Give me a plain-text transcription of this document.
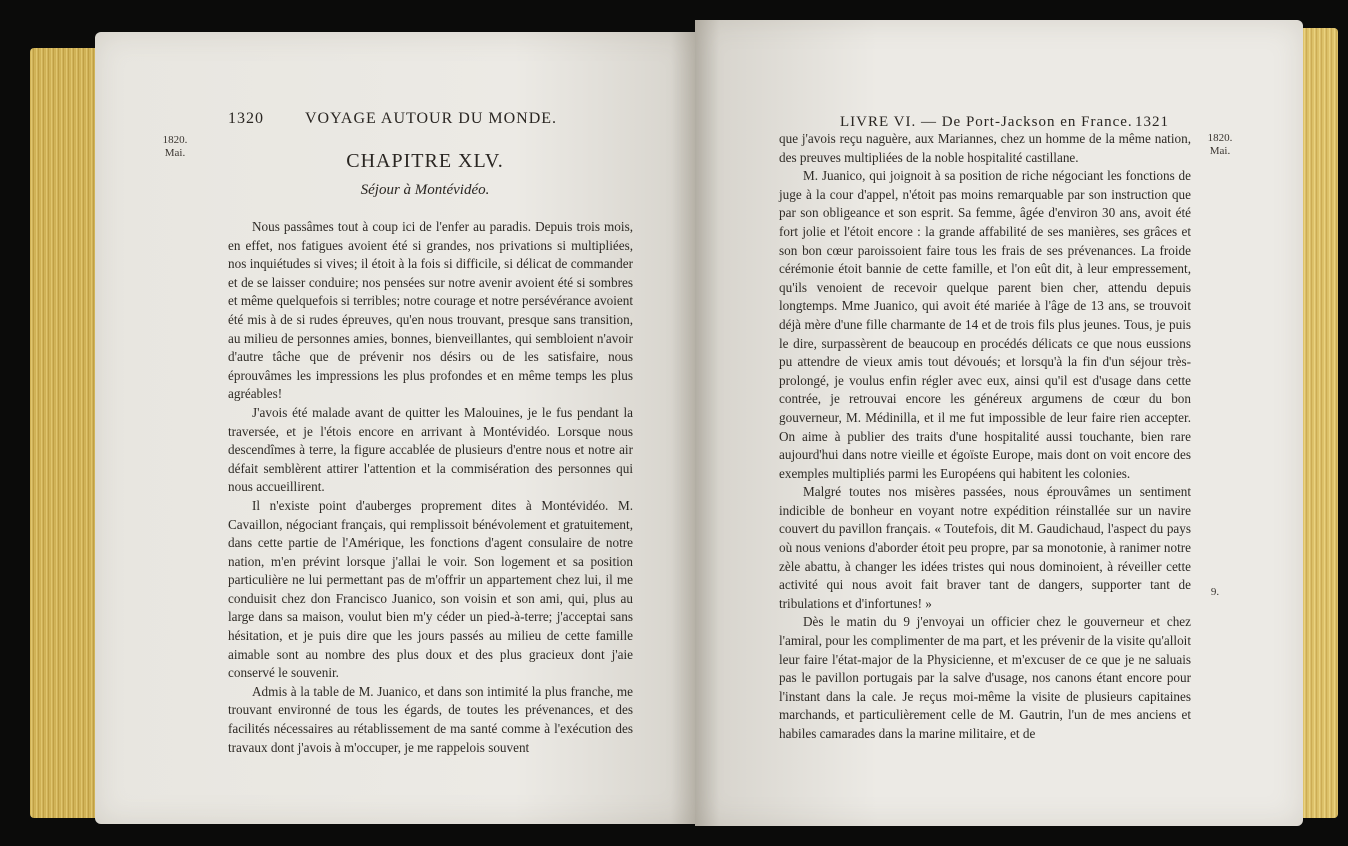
1320	VOYAGE AUTOUR DU MONDE.
1820.
Mai.	CHAPITRE XLV.
Séjour à Montévidéo.

Nous passâmes tout à coup ici de l'enfer au paradis. Depuis trois mois, en effet, nos fatigues avoient été si grandes, nos privations si multipliées, nos inquiétudes si vives; il étoit à la fois si difficile, si délicat de commander et de se laisser conduire; nos pensées sur notre avenir avoient été si sombres et même quelquefois si terribles; notre courage et notre persévérance avoient été mis à de si rudes épreuves, qu'en nous trouvant, presque sans transition, au milieu de personnes amies, bonnes, bienveillantes, qui sembloient n'avoir d'autre tâche que de prévenir nos désirs ou de les satisfaire, nous éprouvâmes les impressions les plus profondes et en même temps les plus agréables!

J'avois été malade avant de quitter les Malouines, je le fus pendant la traversée, et je l'étois encore en arrivant à Montévidéo. Lorsque nous descendîmes à terre, la figure accablée de plusieurs d'entre nous et notre air défait semblèrent attirer l'attention et la commisération des personnes qui nous accueillirent.

Il n'existe point d'auberges proprement dites à Montévidéo. M. Cavaillon, négociant français, qui remplissoit bénévolement et gratuitement, dans cette partie de l'Amérique, les fonctions d'agent consulaire de notre nation, m'en prévint lorsque j'allai le voir. Son logement et sa position particulière ne lui permettant pas de m'offrir un appartement chez lui, il me conduisit chez don Francisco Juanico, son voisin et son ami, qui, plus au large dans sa maison, voulut bien m'y céder un pied-à-terre; j'acceptai sans hésitation, et je puis dire que les jours passés au milieu de cette famille aimable sont au nombre des plus doux et des plus gracieux dont j'aie conservé le souvenir.

Admis à la table de M. Juanico, et dans son intimité la plus franche, me trouvant environné de tous les égards, de toutes les prévenances, et des facilités nécessaires au rétablissement de ma santé comme à l'exécution des travaux dont j'avois à m'occuper, je me rappelois souvent

LIVRE VI. — De Port-Jackson en France. 1321
1820.
Mai.
9.

que j'avois reçu naguère, aux Mariannes, chez un homme de la même nation, des preuves multipliées de la noble hospitalité castillane.

M. Juanico, qui joignoit à sa position de riche négociant les fonctions de juge à la cour d'appel, n'étoit pas moins remarquable par son instruction que par son obligeance et son esprit. Sa femme, âgée d'environ 30 ans, avoit été fort jolie et l'étoit encore : la grande affabilité de ses manières, ses grâces et son bon cœur paroissoient faire tous les frais de ses prévenances. La froide cérémonie étoit bannie de cette famille, et l'on eût dit, à leur empressement, qu'ils venoient de recevoir quelque parent bien cher, attendu depuis longtemps. Mme Juanico, qui avoit été mariée à l'âge de 13 ans, se trouvoit déjà mère d'une fille charmante de 14 et de trois fils plus jeunes. Tous, je puis le dire, surpassèrent de beaucoup en procédés délicats ce que nous eussions pu attendre de vieux amis tout dévoués; et lorsqu'à la fin d'un séjour très-prolongé, je voulus enfin régler avec eux, ainsi qu'il est d'usage dans cette contrée, je retrouvai encore les généreux argumens de cœur du bon gouverneur, M. Médinilla, et il me fut impossible de leur faire rien accepter. On aime à publier des traits d'une hospitalité aussi touchante, bien rare aujourd'hui dans notre vieille et égoïste Europe, mais dont on voit encore des exemples multipliés parmi les Européens qui habitent les colonies.

Malgré toutes nos misères passées, nous éprouvâmes un sentiment indicible de bonheur en voyant notre expédition réinstallée sur un navire couvert du pavillon français. « Toutefois, dit M. Gaudichaud, l'aspect du pays où nous venions d'aborder étoit peu propre, par sa monotonie, à ranimer notre zèle abattu, à changer les idées tristes qui nous dominoient, à réveiller cette activité qui nous avoit fait braver tant de dangers, supporter tant de tribulations et d'infortunes! »

Dès le matin du 9 j'envoyai un officier chez le gouverneur et chez l'amiral, pour les complimenter de ma part, et les prévenir de la visite qu'alloit leur faire l'état-major de la Physicienne, et m'excuser de ce que je ne saluais pas le pavillon portugais par la salve d'usage, nos canons étant encore pour l'instant dans la cale. Je reçus moi-même la visite de plusieurs capitaines marchands, et particulièrement celle de M. Gautrin, l'un de mes anciens et habiles camarades dans la marine militaire, et de
